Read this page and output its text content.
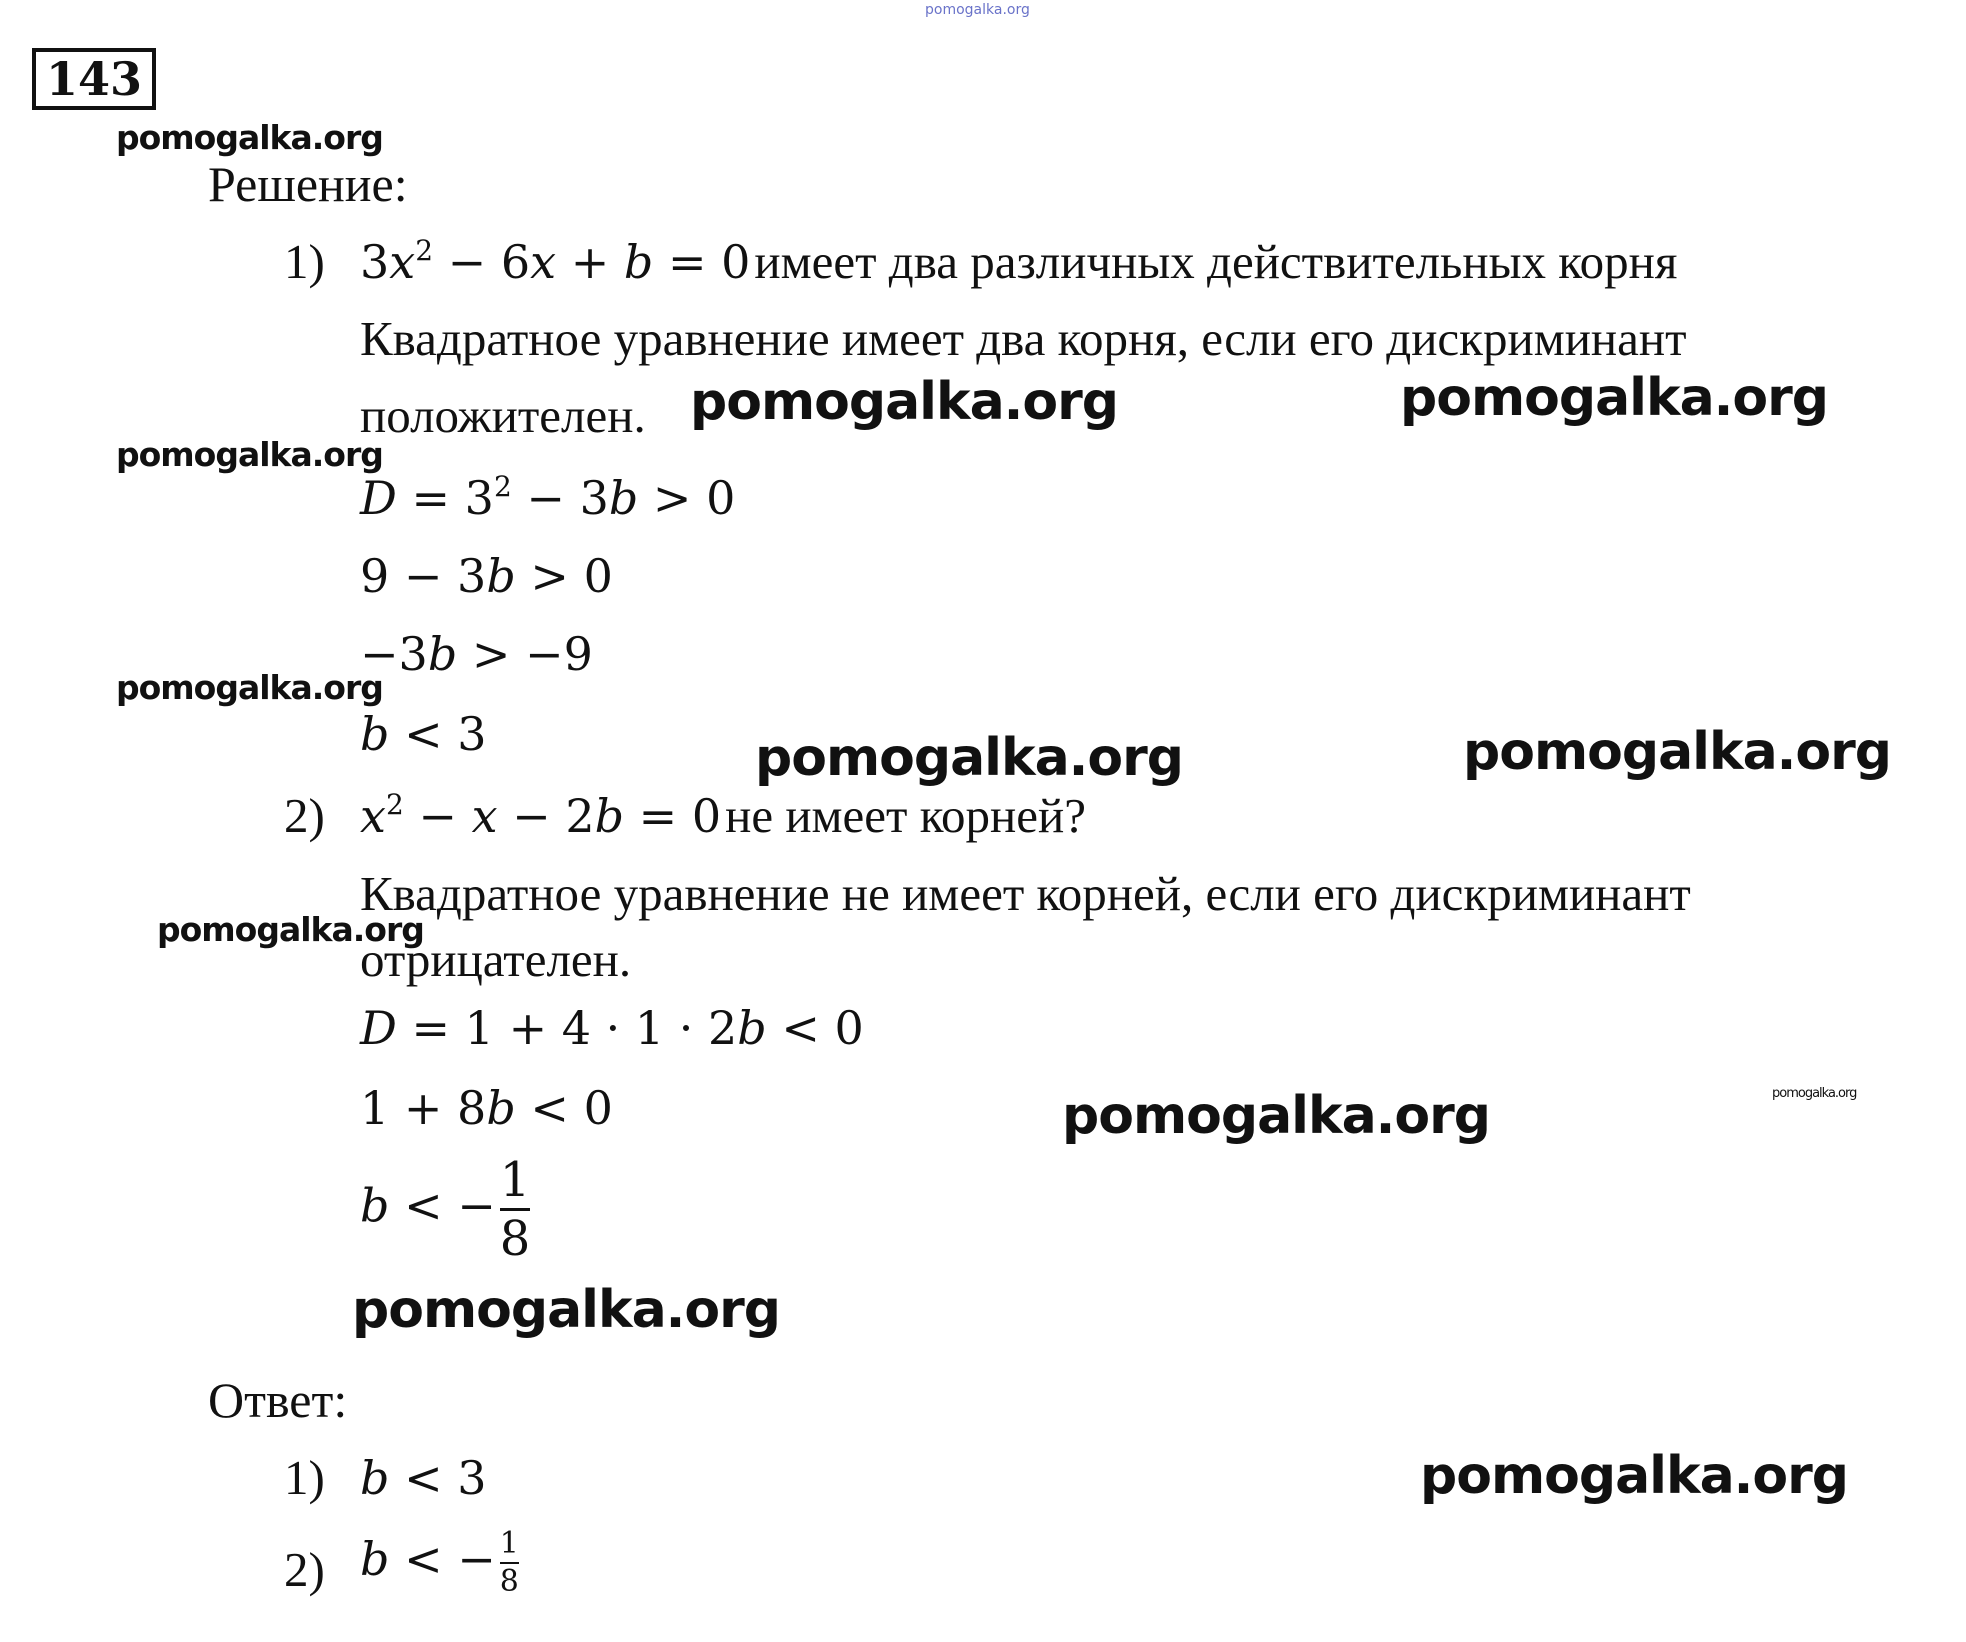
pomogalka.org
143
Решение:
1) $3x^2 - 6x + b = 0$ имеет два различных действительных корня
Квадратное уравнение имеет два корня, если его дискриминант
положителен.
$D = 3^2 - 3b > 0$
9 − 3b > 0
−3b > −9
b < 3
2) $x^2 - x - 2b = 0$ не имеет корней?
Квадратное уравнение не имеет корней, если его дискриминант
отрицателен.
D = 1 + 4 · 1 · 2b < 0
1 + 8b < 0
b < − $\frac{1}{8}$
Ответ:
1) b < 3
2) b < − $\frac{1}{8}$
pomogalka.org
pomogalka.org	pomogalka.org
pomogalka.org
pomogalka.org
pomogalka.org	pomogalka.org
pomogalka.org
pomogalka.org
pomogalka.org
pomogalka.org
pomogalka.org
